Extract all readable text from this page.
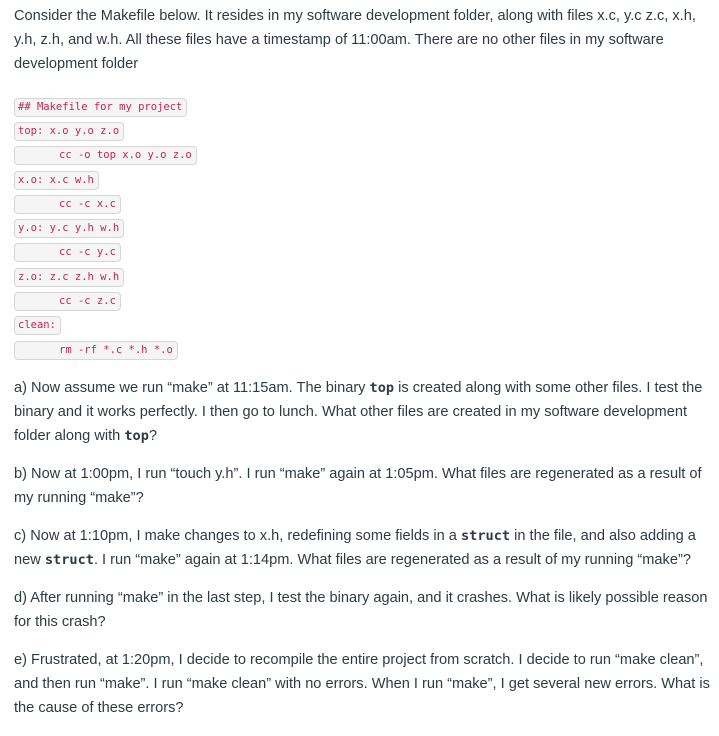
Consider the Makefile below. It resides in my software development folder, along with files x.c, y.c z.c, x.h, y.h, z.h, and w.h. All these files have a timestamp of 11:00am. There are no other files in my software development folder

## Makefile for my project
top: x.o y.o z.o
cc -o top x.o y.o z.o
x.o: x.c w.h
cc -c x.c
y.o: y.c y.h w.h
cc -c y.c
z.o: z.c z.h w.h
cc -c z.c
clean:
rm -rf *.c *.h *.o

a) Now assume we run “make” at 11:15am. The binary top is created along with some other files. I test the binary and it works perfectly. I then go to lunch. What other files are created in my software development folder along with top?

b) Now at 1:00pm, I run “touch y.h”. I run “make” again at 1:05pm. What files are regenerated as a result of my running “make”?

c) Now at 1:10pm, I make changes to x.h, redefining some fields in a struct in the file, and also adding a new struct. I run “make” again at 1:14pm. What files are regenerated as a result of my running “make”?

d) After running “make” in the last step, I test the binary again, and it crashes. What is likely possible reason for this crash?

e) Frustrated, at 1:20pm, I decide to recompile the entire project from scratch. I decide to run “make clean”, and then run “make”. I run “make clean” with no errors. When I run “make”, I get several new errors. What is the cause of these errors?
